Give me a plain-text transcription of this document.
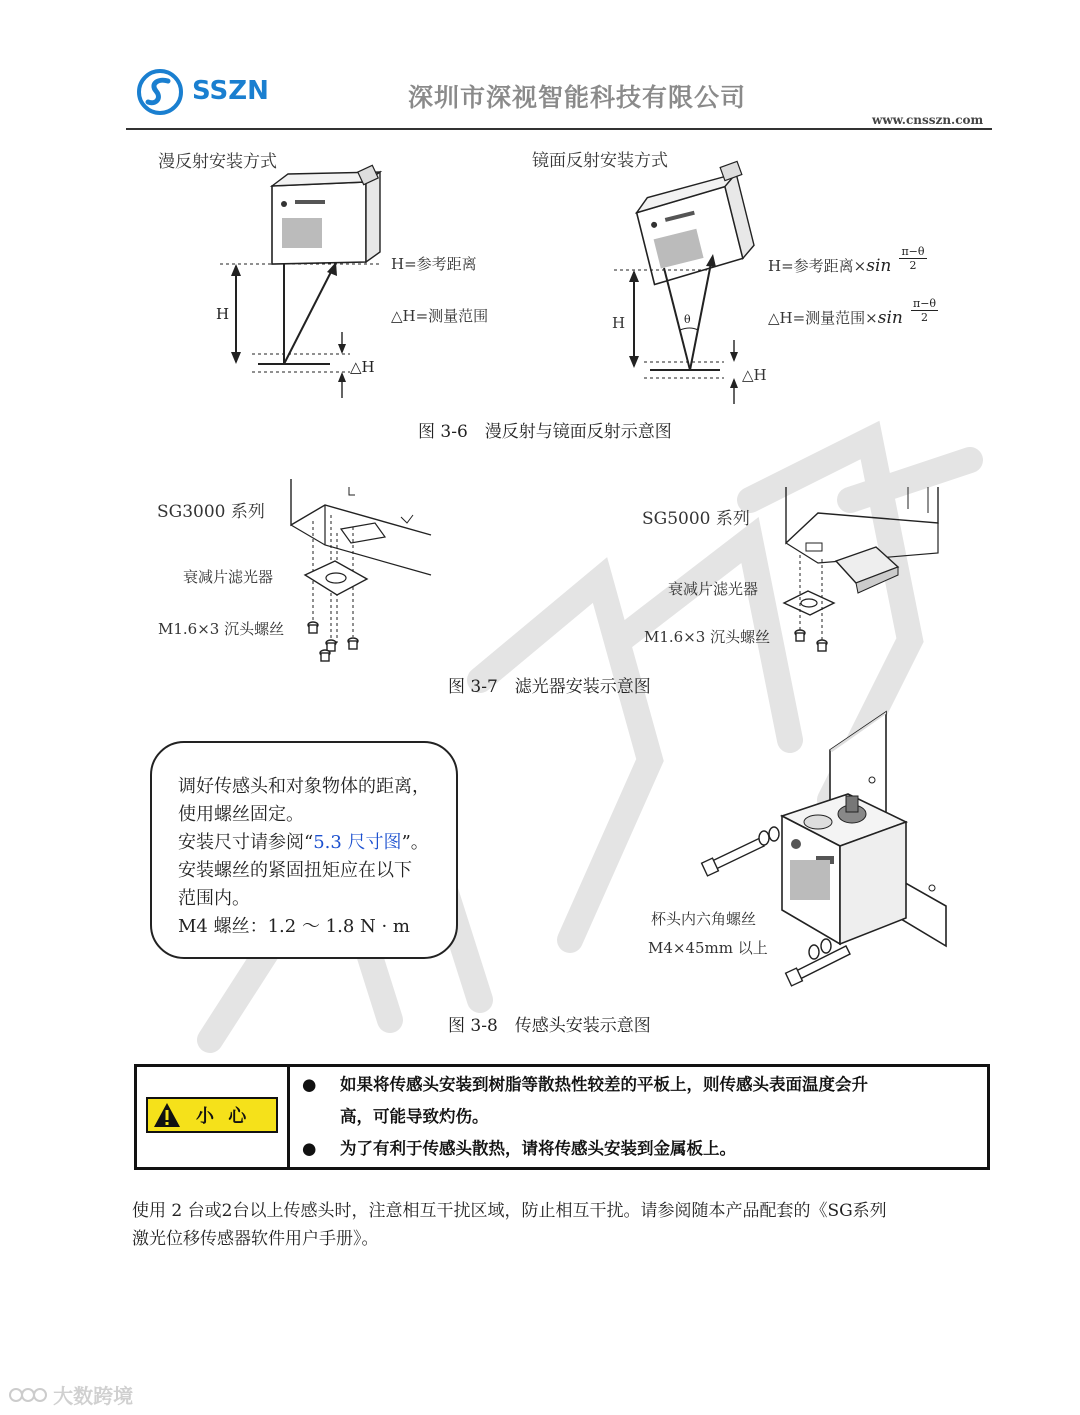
SSZN	深圳市深视智能科技有限公司
www.cnsszn.com
漫反射安装方式	镜面反射安装方式
H
△H
H=参考距离
△H=测量范围	θ
H
△H
H=参考距离$\times\sin \frac{\pi-\theta}{2}$
△H=测量范围$\times\sin \frac{\pi-\theta}{2}$
图 3-6　漫反射与镜面反射示意图
SG3000 系列	SG5000 系列
衰减片滤光器
M1.6×3 沉头螺丝
衰减片滤光器
M1.6×3 沉头螺丝
图 3-7　滤光器安装示意图

调好传感头和对象物体的距离，

使用螺丝固定。

安装尺寸请参阅“5.3 尺寸图”。

安装螺丝的紧固扭矩应在以下

范围内。

M4 螺丝：1.2 ～ 1.8 N · m	杯头内六角螺丝
M4×45mm 以上
图 3-8　传感头安装示意图
小 心

● 如果将传感头安装到树脂等散热性较差的平板上，则传感头表面温度会升
高，可能导致灼伤。
● 为了有利于传感头散热，请将传感头安装到金属板上。
使用 2 台或2台以上传感头时，注意相互干扰区域，防止相互干扰。请参阅随本产品配套的《SG系列
激光位移传感器软件用户手册》。
大数跨境
